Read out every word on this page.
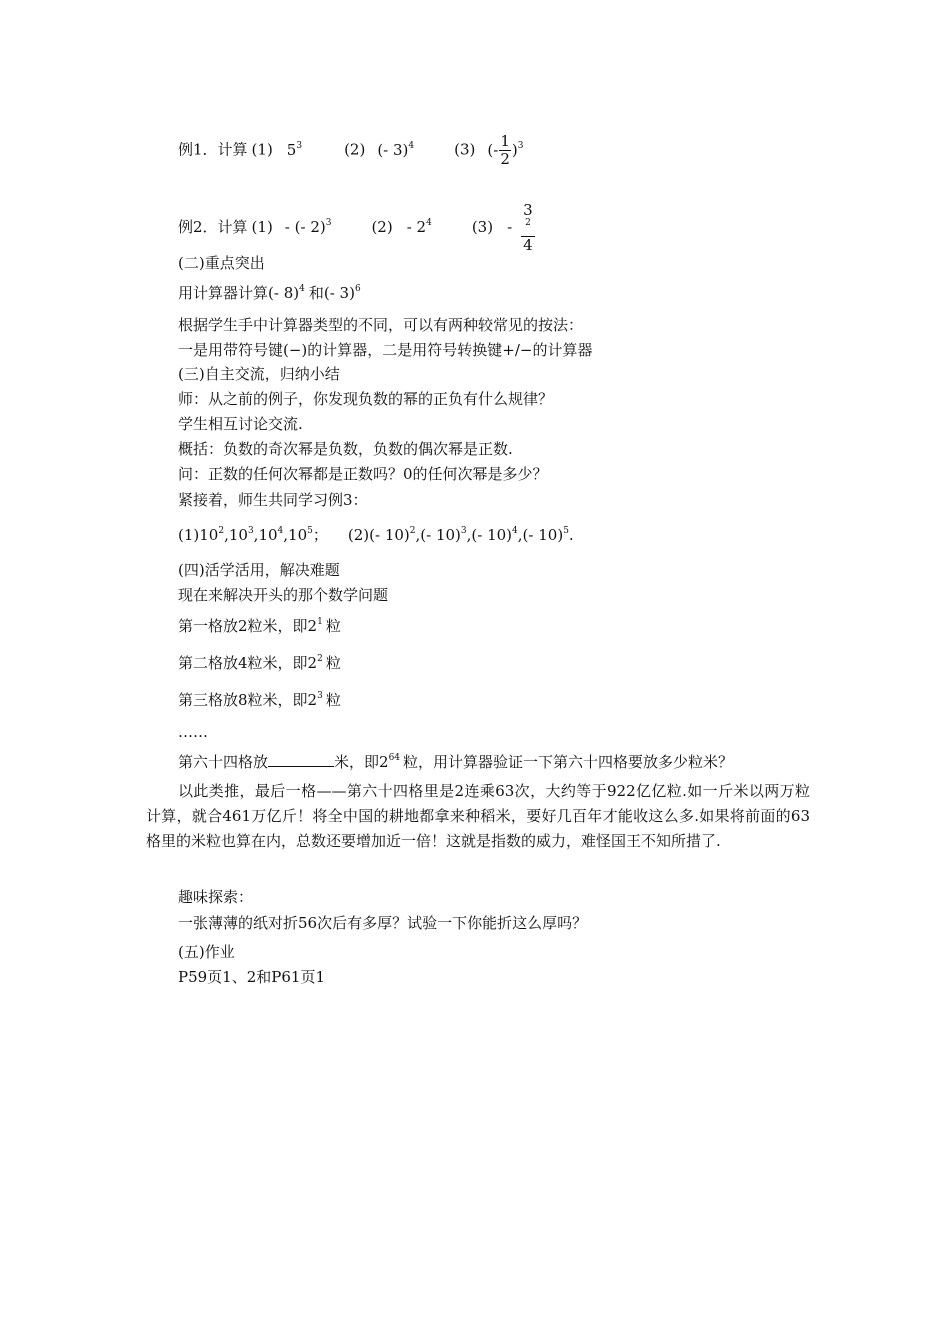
例1．计算 (1) $5^3$	(2) (- 3)$^4$	(3) (- $\frac{1}{2} )^3$
例2．计算 (1) - (- 2)$^3$	$(2) - 2^4$	(3) - 3
$^2$
4
(二)重点突出
用计算器计算(- 8)$^4$ 和(- 3)$^6$
根据学生手中计算器类型的不同，可以有两种较常见的按法：
一是用带符号键(−)的计算器，二是用符号转换键+/−的计算器
(三)自主交流，归纳小结
师：从之前的例子，你发现负数的幂的正负有什么规律？
学生相互讨论交流.
概括：负数的奇次幂是负数，负数的偶次幂是正数.
问：正数的任何次幂都是正数吗？0的任何次幂是多少？
紧接着，师生共同学习例3：
$(1)10^2,10^3,10^4,10^5$； (2)(- 10)$^2$,(- 10)$^3$,(- 10)$^4$,(- 10)$^5$.
(四)活学活用，解决难题
现在来解决开头的那个数学问题
第一格放2粒米，即$2^1$ 粒
第二格放4粒米，即$2^2$ 粒
第三格放8粒米，即$2^3$ 粒
……
第六十四格放	米，即$2^{64}$ 粒，用计算器验证一下第六十四格要放多少粒米？
以此类推，最后一格——第六十四格里是2连乘63次，大约等于922亿亿粒.如一斤米以两万粒计算，就合461万亿斤！将全中国的耕地都拿来种稻米，要好几百年才能收这么多.如果将前面的63格里的米粒也算在内，总数还要增加近一倍！这就是指数的威力，难怪国王不知所措了.
趣味探索：
一张薄薄的纸对折56次后有多厚？试验一下你能折这么厚吗？
(五)作业
P59页1、2和P61页1
